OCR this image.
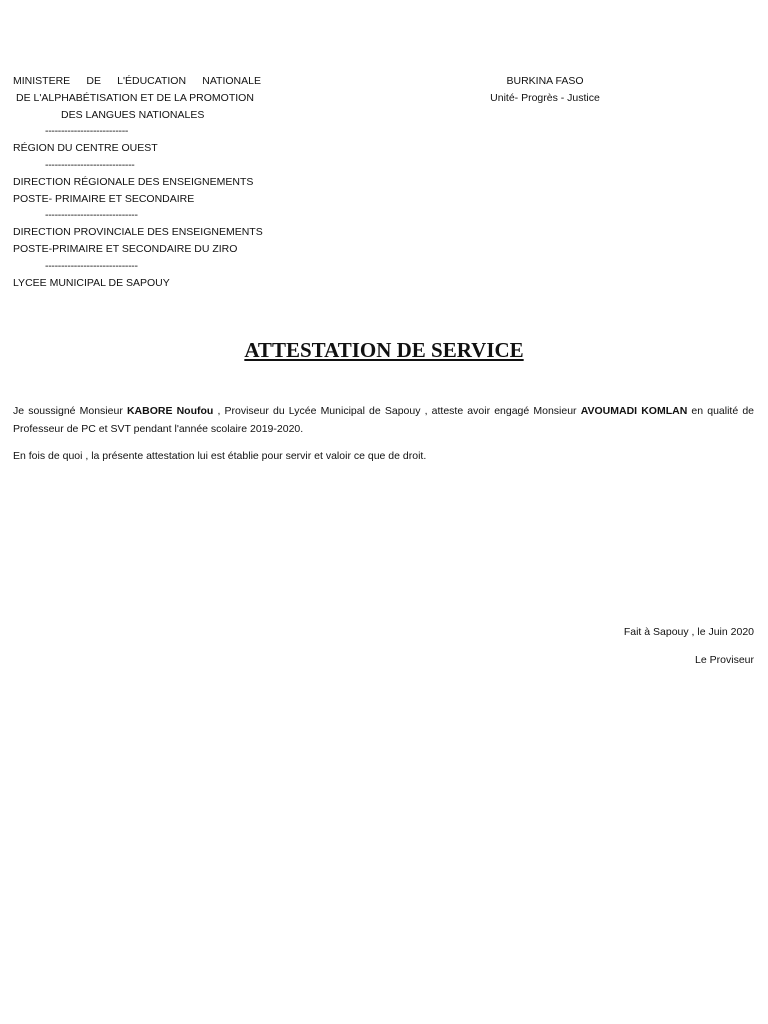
MINISTERE DE L'ÉDUCATION NATIONALE
DE L'ALPHABÉTISATION ET DE LA PROMOTION
DES LANGUES NATIONALES
--------------------------
RÉGION DU CENTRE OUEST
----------------------------
DIRECTION RÉGIONALE DES ENSEIGNEMENTS
POSTE- PRIMAIRE ET SECONDAIRE
-----------------------------
DIRECTION PROVINCIALE DES ENSEIGNEMENTS
POSTE-PRIMAIRE ET SECONDAIRE DU ZIRO
-----------------------------
LYCEE MUNICIPAL DE SAPOUY
BURKINA FASO
Unité- Progrès - Justice
ATTESTATION DE SERVICE

Je soussigné Monsieur KABORE Noufou , Proviseur du Lycée Municipal de Sapouy , atteste avoir engagé Monsieur AVOUMADI KOMLAN en qualité de Professeur de PC et SVT pendant l'année scolaire 2019-2020.

En fois de quoi , la présente attestation lui est établie pour servir et valoir ce que de droit.

Fait à Sapouy , le Juin 2020
Le Proviseur
